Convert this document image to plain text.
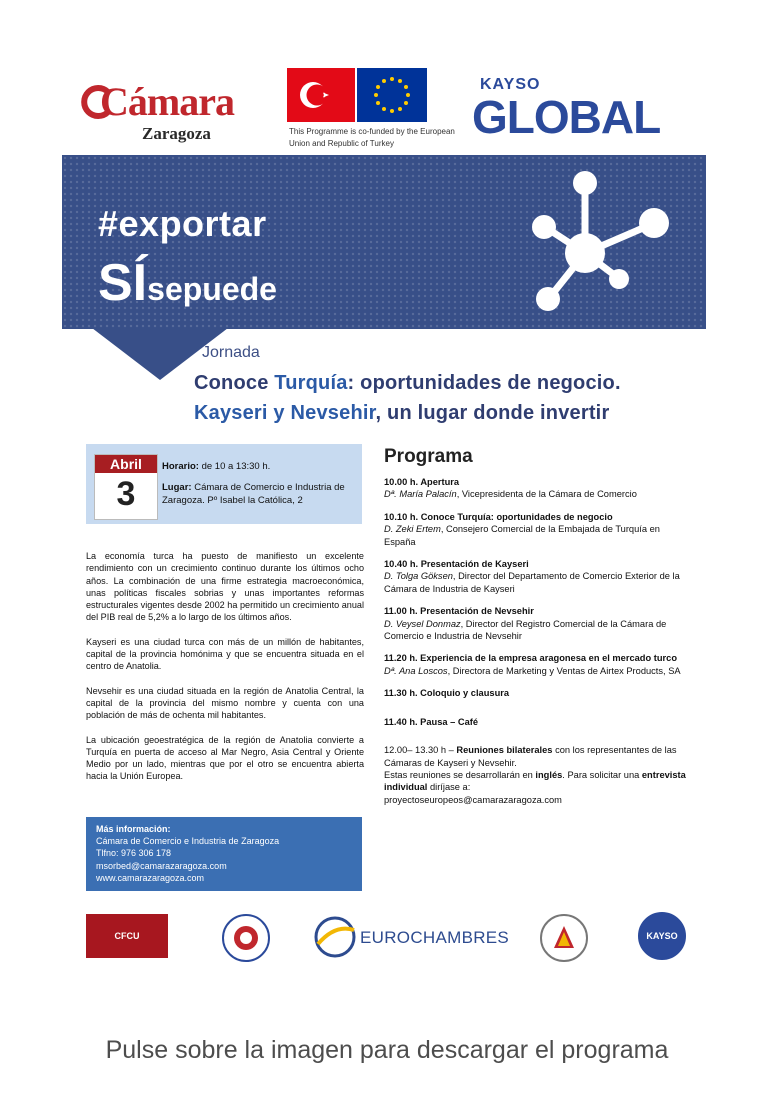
Cámara
Zaragoza	This Programme is co-funded by the European Union and Republic of Turkey
KAYSO
GLOBAL
#exportar
SÍsepuede
Jornada
Conoce Turquía: oportunidades de negocio.
Kayseri y Nevsehir, un lugar donde invertir
Abril
3
Horario: de 10 a 13:30 h.
Lugar: Cámara de Comercio e Industria de Zaragoza. Pº Isabel la Católica, 2

La economía turca ha puesto de manifiesto un excelente rendimiento con un crecimiento continuo durante los últimos ocho años. La combinación de una firme estrategia macroeconómica, unas políticas fiscales sobrias y unas importantes reformas estructurales vigentes desde 2002 ha permitido un crecimiento anual del PIB real de 5,2% a lo largo de los últimos años.

Kayseri es una ciudad turca con más de un millón de habitantes, capital de la provincia homónima y que se encuentra situada en el centro de Anatolia.

Nevsehir es una ciudad situada en la región de Anatolia Central, la capital de la provincia del mismo nombre y cuenta con una población de más de ochenta mil habitantes.

La ubicación geoestratégica de la región de Anatolia convierte a Turquía en puerta de acceso al Mar Negro, Asia Central y Oriente Medio por un lado, mientras que por el otro se encuentra abierta hacia la Unión Europea.

Más información:
Cámara de Comercio e Industria de Zaragoza
Tlfno: 976 306 178
msorbed@camarazaragoza.com
www.camarazaragoza.com
Programa
10.00 h. Apertura
Dª. María Palacín, Vicepresidenta de la Cámara de Comercio
10.10 h. Conoce Turquía: oportunidades de negocio
D. Zeki Ertem, Consejero Comercial de la Embajada de Turquía en España
10.40 h. Presentación de Kayseri
D. Tolga Göksen, Director del Departamento de Comercio Exterior de la Cámara de Industria de Kayseri
11.00 h. Presentación de Nevsehir
D. Veysel Donmaz, Director del Registro Comercial de la Cámara de Comercio e Industria de Nevsehir
11.20 h. Experiencia de la empresa aragonesa en el mercado turco
Dª. Ana Loscos, Directora de Marketing y Ventas de Airtex Products, SA
11.30 h. Coloquio y clausura
11.40 h. Pausa – Café
12.00– 13.30 h – Reuniones bilaterales con los representantes de las Cámaras de Kayseri y Nevsehir.
Estas reuniones se desarrollarán en inglés. Para solicitar una entrevista individual diríjase a:
proyectoseuropeos@camarazaragoza.com
CFCU	EUROCHAMBRES	KAYSO
Pulse sobre la imagen para descargar el programa
